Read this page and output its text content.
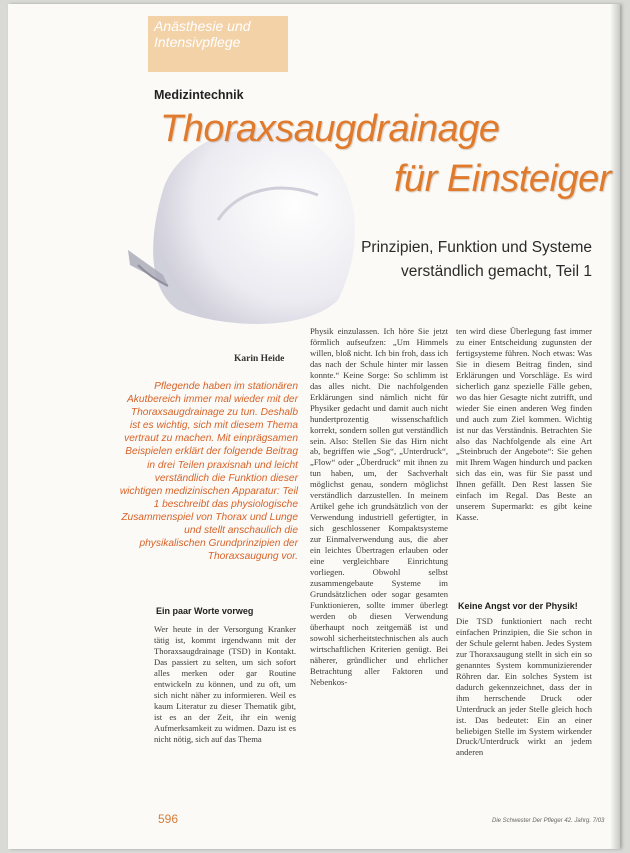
Anästhesie und Intensivpflege
Medizintechnik
Thoraxsaugdrainage
für Einsteiger
Prinzipien, Funktion und Systeme
verständlich gemacht, Teil 1
Karin Heide
Pflegende haben im stationären Akutbereich immer mal wieder mit der Thoraxsaugdrainage zu tun. Deshalb ist es wichtig, sich mit diesem Thema vertraut zu machen. Mit einprägsamen Beispielen erklärt der folgende Beitrag in drei Teilen praxisnah und leicht verständlich die Funktion dieser wichtigen medizinischen Apparatur: Teil 1 beschreibt das physiologische Zusammenspiel von Thorax und Lunge und stellt anschaulich die physikalischen Grundprinzipien der Thoraxsaugung vor.
Ein paar Worte vorweg

Wer heute in der Versorgung Kranker tätig ist, kommt irgendwann mit der Thoraxsaugdrainage (TSD) in Kontakt. Das passiert zu selten, um sich sofort alles merken oder gar Routine entwickeln zu können, und zu oft, um sich nicht näher zu informieren. Weil es kaum Literatur zu dieser Thematik gibt, ist es an der Zeit, ihr ein wenig Aufmerksamkeit zu widmen. Dazu ist es nicht nötig, sich auf das Thema

Physik einzulassen. Ich höre Sie jetzt förmlich aufseufzen: „Um Himmels willen, bloß nicht. Ich bin froh, dass ich das nach der Schule hinter mir lassen konnte.“ Keine Sorge: So schlimm ist das alles nicht. Die nachfolgenden Erklärungen sind nämlich nicht für Physiker gedacht und damit auch nicht hundertprozentig wissenschaftlich korrekt, sondern sollen gut verständlich sein. Also: Stellen Sie das Hirn nicht ab, begriffen wie „Sog“, „Unterdruck“, „Flow“ oder „Überdruck“ mit ihnen zu tun haben, um, der Sachverhalt möglichst genau, sondern möglichst verständlich darzustellen. In meinem Artikel gehe ich grundsätzlich von der Verwendung industriell gefertigter, in sich geschlossener Kompaktsysteme zur Einmalverwendung aus, die aber ein leichtes Übertragen erlauben oder eine vergleichbare Einrichtung vorliegen. Obwohl selbst zusammengebaute Systeme im Grundsätzlichen oder sogar gesamten Funktionieren, sollte immer überlegt werden ob diesen Verwendung überhaupt noch zeitgemäß ist und sowohl sicherheitstechnischen als auch wirtschaftlichen Kriterien genügt. Bei näherer, gründlicher und ehrlicher Betrachtung aller Faktoren und Nebenkos-

ten wird diese Überlegung fast immer zu einer Entscheidung zugunsten der fertigsysteme führen. Noch etwas: Was Sie in diesem Beitrag finden, sind Erklärungen und Vorschläge. Es wird sicherlich ganz spezielle Fälle geben, wo das hier Gesagte nicht zutrifft, und wieder Sie einen anderen Weg finden und auch zum Ziel kommen. Wichtig ist nur das Verständnis. Betrachten Sie also das Nachfolgende als eine Art „Steinbruch der Angebote“: Sie gehen mit Ihrem Wagen hindurch und packen sich das ein, was für Sie passt und Ihnen gefällt. Den Rest lassen Sie einfach im Regal. Das Beste an unserem Supermarkt: es gibt keine Kasse.

Keine Angst vor der Physik!

Die TSD funktioniert nach recht einfachen Prinzipien, die Sie schon in der Schule gelernt haben. Jedes System zur Thoraxsaugung stellt in sich ein so genanntes System kommunizierender Röhren dar. Ein solches System ist dadurch gekennzeichnet, dass der in ihm herrschende Druck oder Unterdruck an jeder Stelle gleich hoch ist. Das bedeutet: Ein an einer beliebigen Stelle im System wirkender Druck/Unterdruck wirkt an jedem anderen

596	Die Schwester Der Pfleger 42. Jahrg. 7/03
